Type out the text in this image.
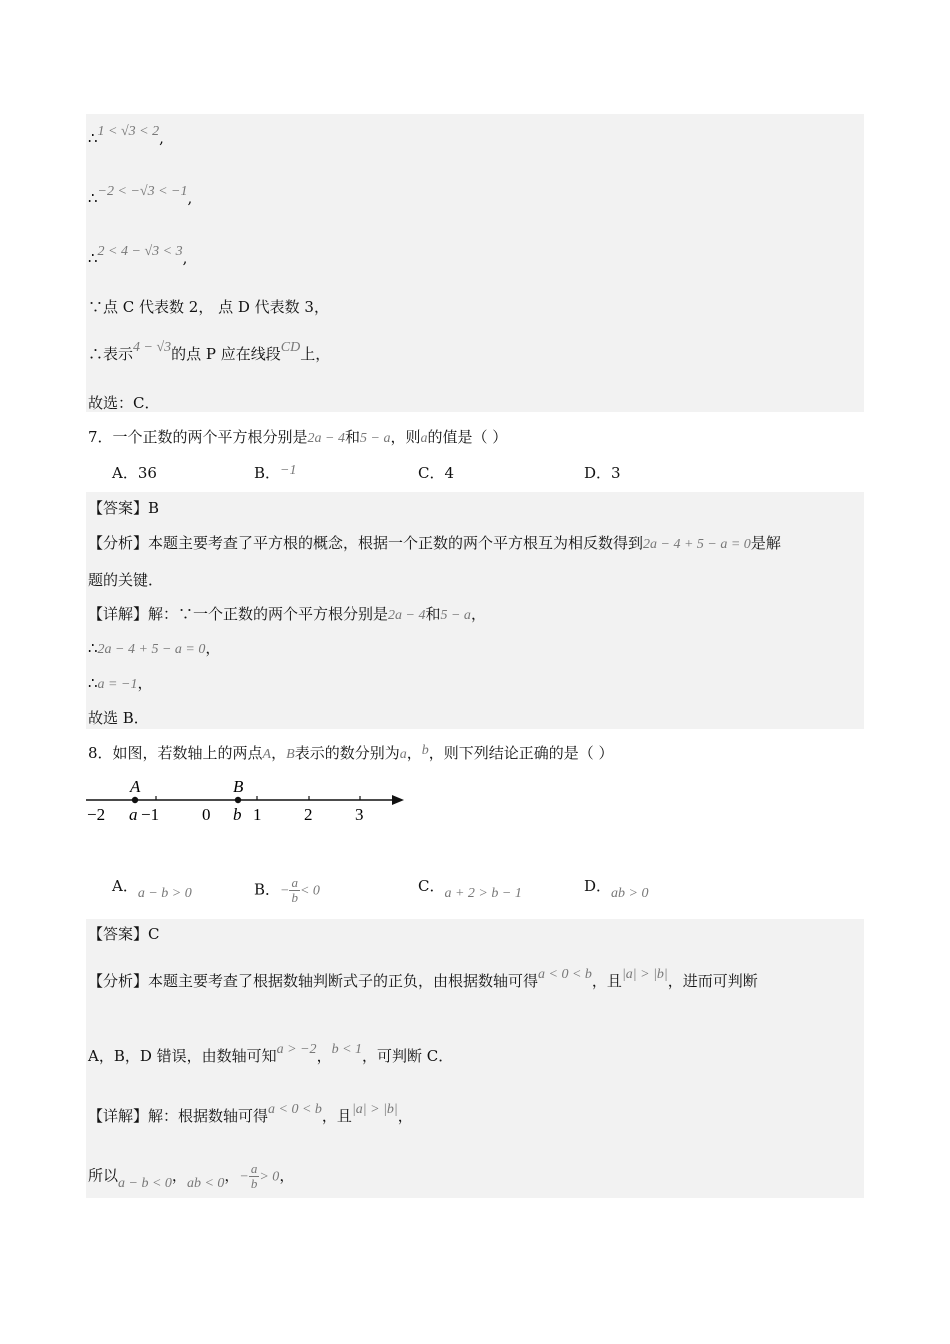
∴1 < √3 < 2,
∴−2 < −√3 < −1,
∴2 < 4 − √3 < 3,
∵点 C 代表数 2， 点 D 代表数 3，
∴表示4 − √3的点 P 应在线段CD上，
故选：C．
7．一个正数的两个平方根分别是2a − 4和5 − a，则a的值是（ ）
A．36	B．−1	C．4	D．3
【答案】B
【分析】本题主要考查了平方根的概念，根据一个正数的两个平方根互为相反数得到2a − 4 + 5 − a = 0是解
题的关键．
【详解】解：∵一个正数的两个平方根分别是2a − 4和5 − a，
∴2a − 4 + 5 − a = 0，
∴a = −1，
故选 B．
8．如图，若数轴上的两点A，B表示的数分别为a，b，则下列结论正确的是（ ）
A	B
−2 a −1	0 b 1	2	3
A．a − b > 0	B．− $\frac{a}{b} < 0$	C．a + 2 > b − 1	D．ab > 0
【答案】C
【分析】本题主要考查了根据数轴判断式子的正负，由根据数轴可得a < 0 < b，且|a| > |b|，进而可判断
A，B，D 错误，由数轴可知a > −2，b < 1，可判断 C．
【详解】解：根据数轴可得a < 0 < b，且|a| > |b|，
所以a − b < 0，ab < 0，− $\frac{a}{b} > 0$，
